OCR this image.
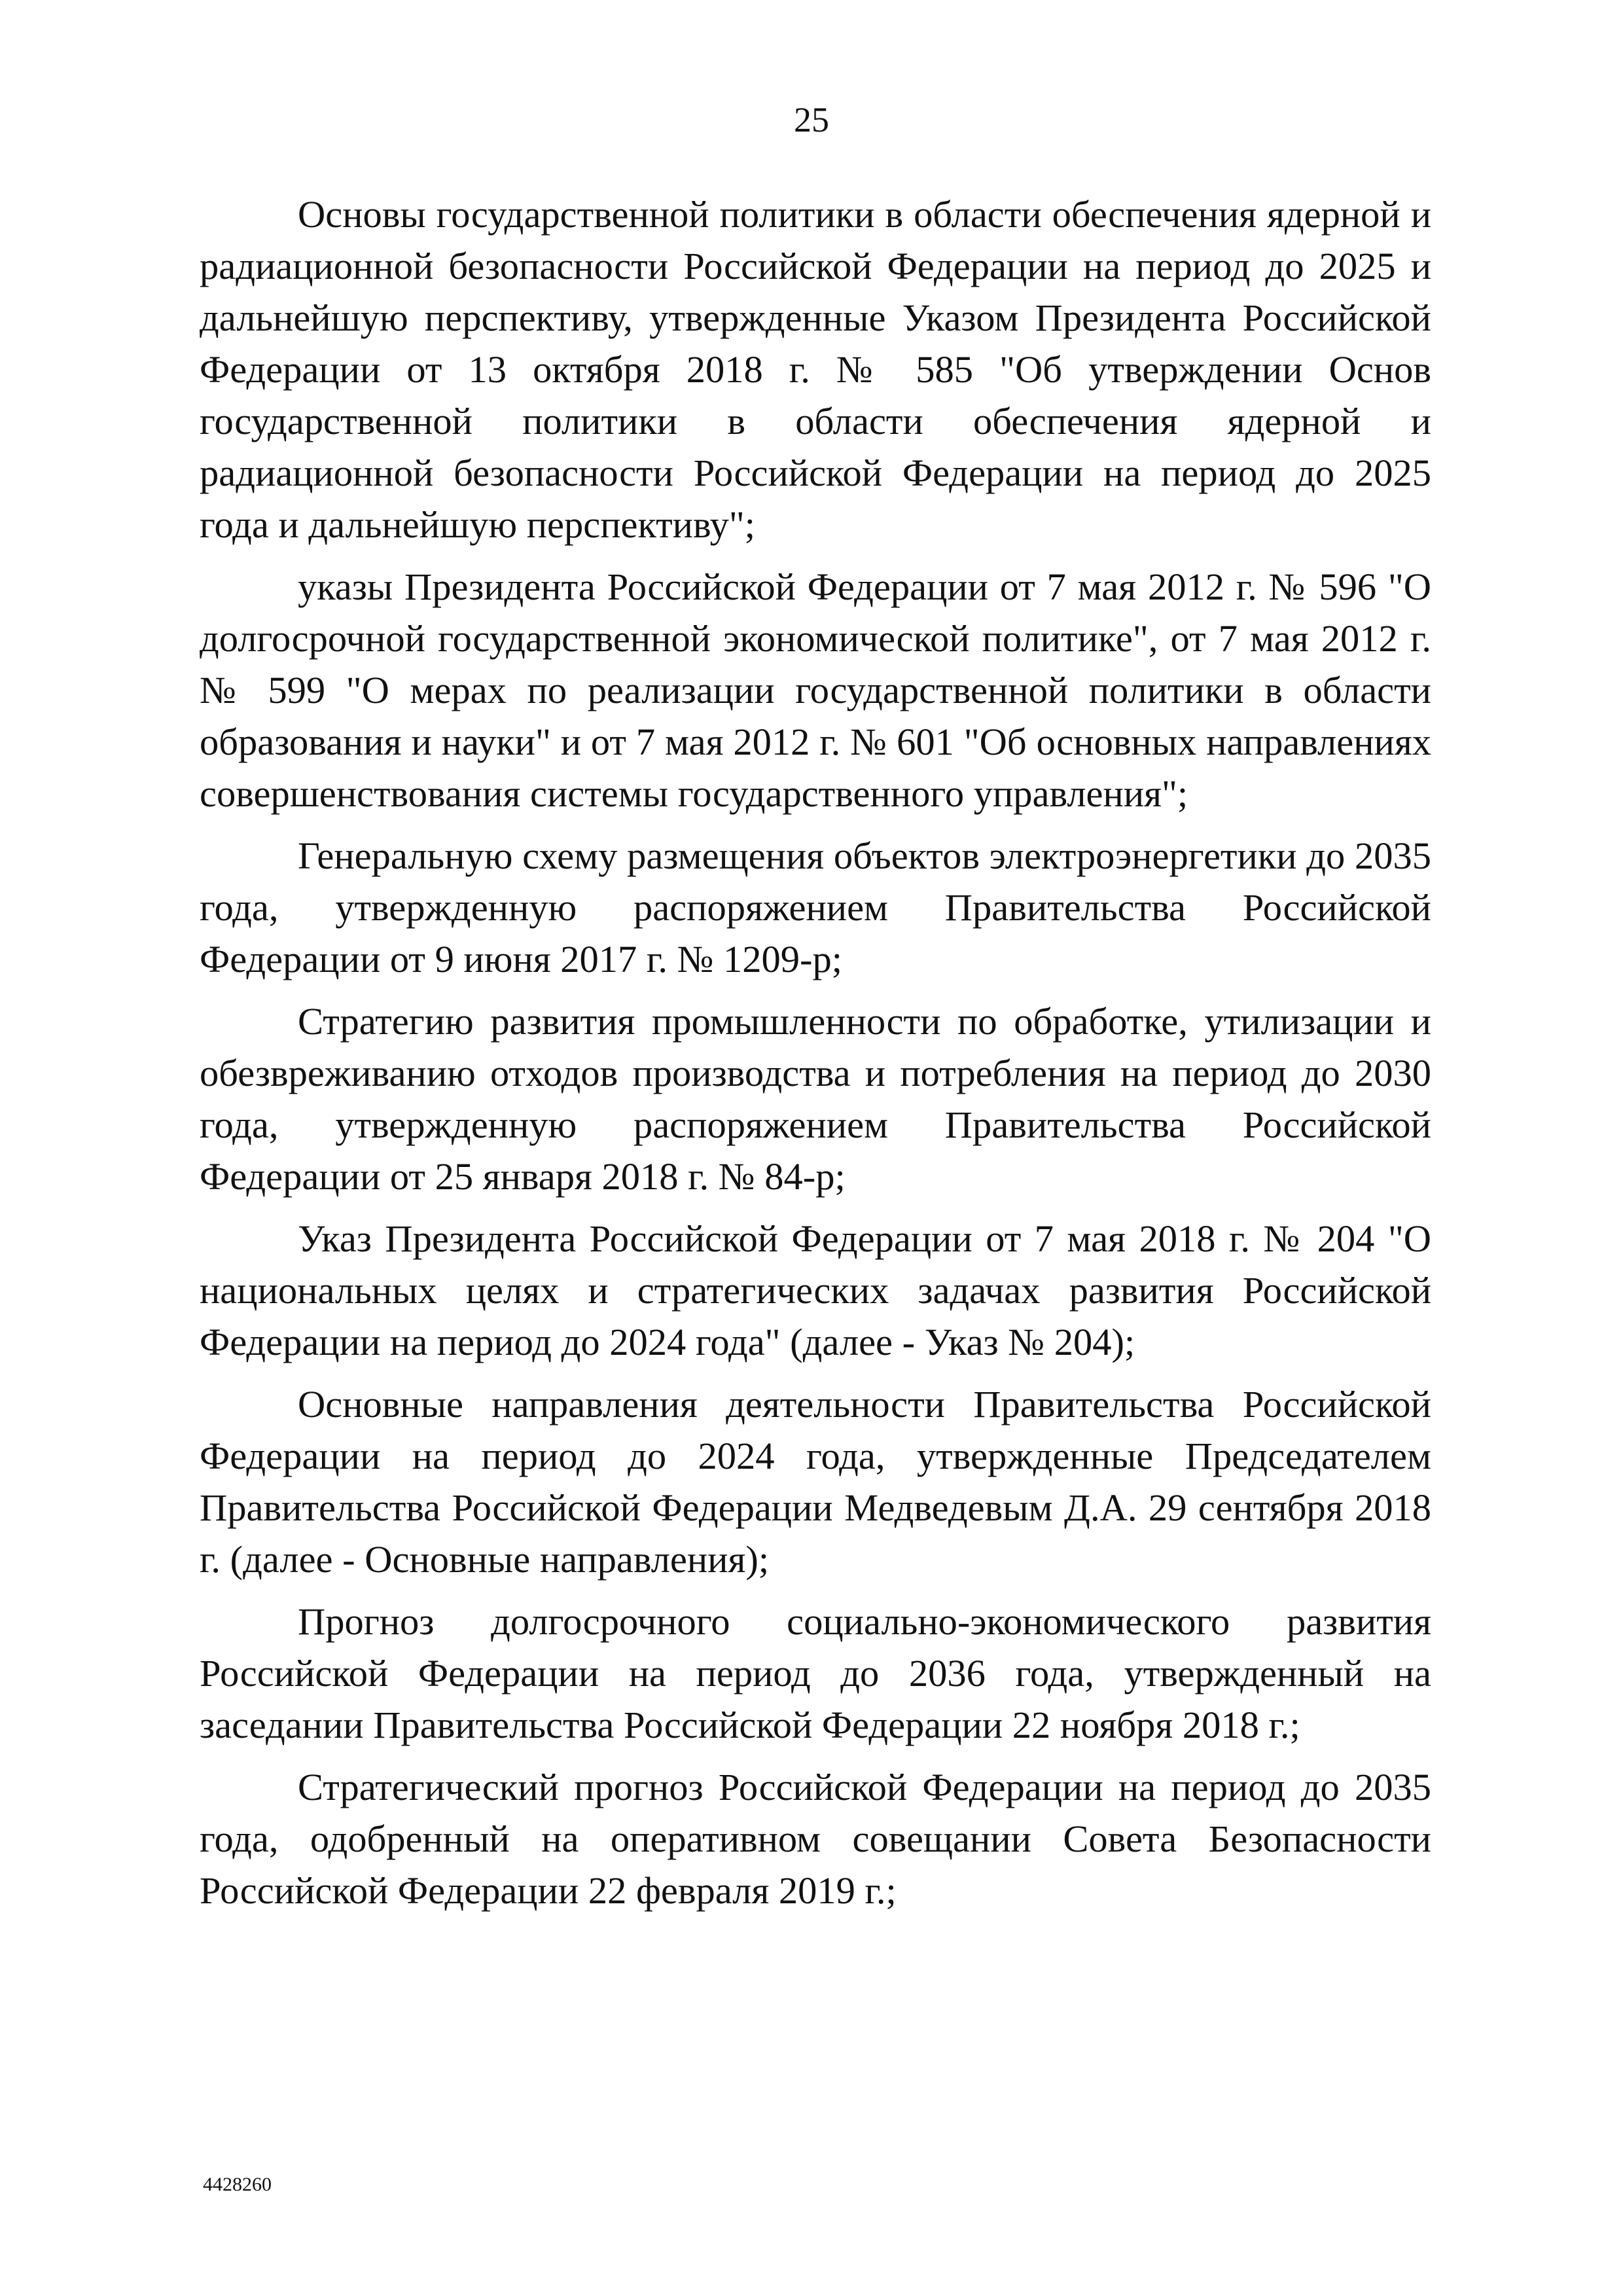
25

Основы государственной политики в области обеспечения ядерной и радиационной безопасности Российской Федерации на период до 2025 и дальнейшую перспективу, утвержденные Указом Президента Российской Федерации от 13 октября 2018 г. № 585 "Об утверждении Основ государственной политики в области обеспечения ядерной и радиационной безопасности Российской Федерации на период до 2025 года и дальнейшую перспективу";

указы Президента Российской Федерации от 7 мая 2012 г. № 596 "О долгосрочной государственной экономической политике", от 7 мая 2012 г. № 599 "О мерах по реализации государственной политики в области образования и науки" и от 7 мая 2012 г. № 601 "Об основных направлениях совершенствования системы государственного управления";

Генеральную схему размещения объектов электроэнергетики до 2035 года, утвержденную распоряжением Правительства Российской Федерации от 9 июня 2017 г. № 1209-р;

Стратегию развития промышленности по обработке, утилизации и обезвреживанию отходов производства и потребления на период до 2030 года, утвержденную распоряжением Правительства Российской Федерации от 25 января 2018 г. № 84-р;

Указ Президента Российской Федерации от 7 мая 2018 г. № 204 "О национальных целях и стратегических задачах развития Российской Федерации на период до 2024 года" (далее - Указ № 204);

Основные направления деятельности Правительства Российской Федерации на период до 2024 года, утвержденные Председателем Правительства Российской Федерации Медведевым Д.А. 29 сентября 2018 г. (далее - Основные направления);

Прогноз долгосрочного социально-экономического развития Российской Федерации на период до 2036 года, утвержденный на заседании Правительства Российской Федерации 22 ноября 2018 г.;

Стратегический прогноз Российской Федерации на период до 2035 года, одобренный на оперативном совещании Совета Безопасности Российской Федерации 22 февраля 2019 г.;

4428260
